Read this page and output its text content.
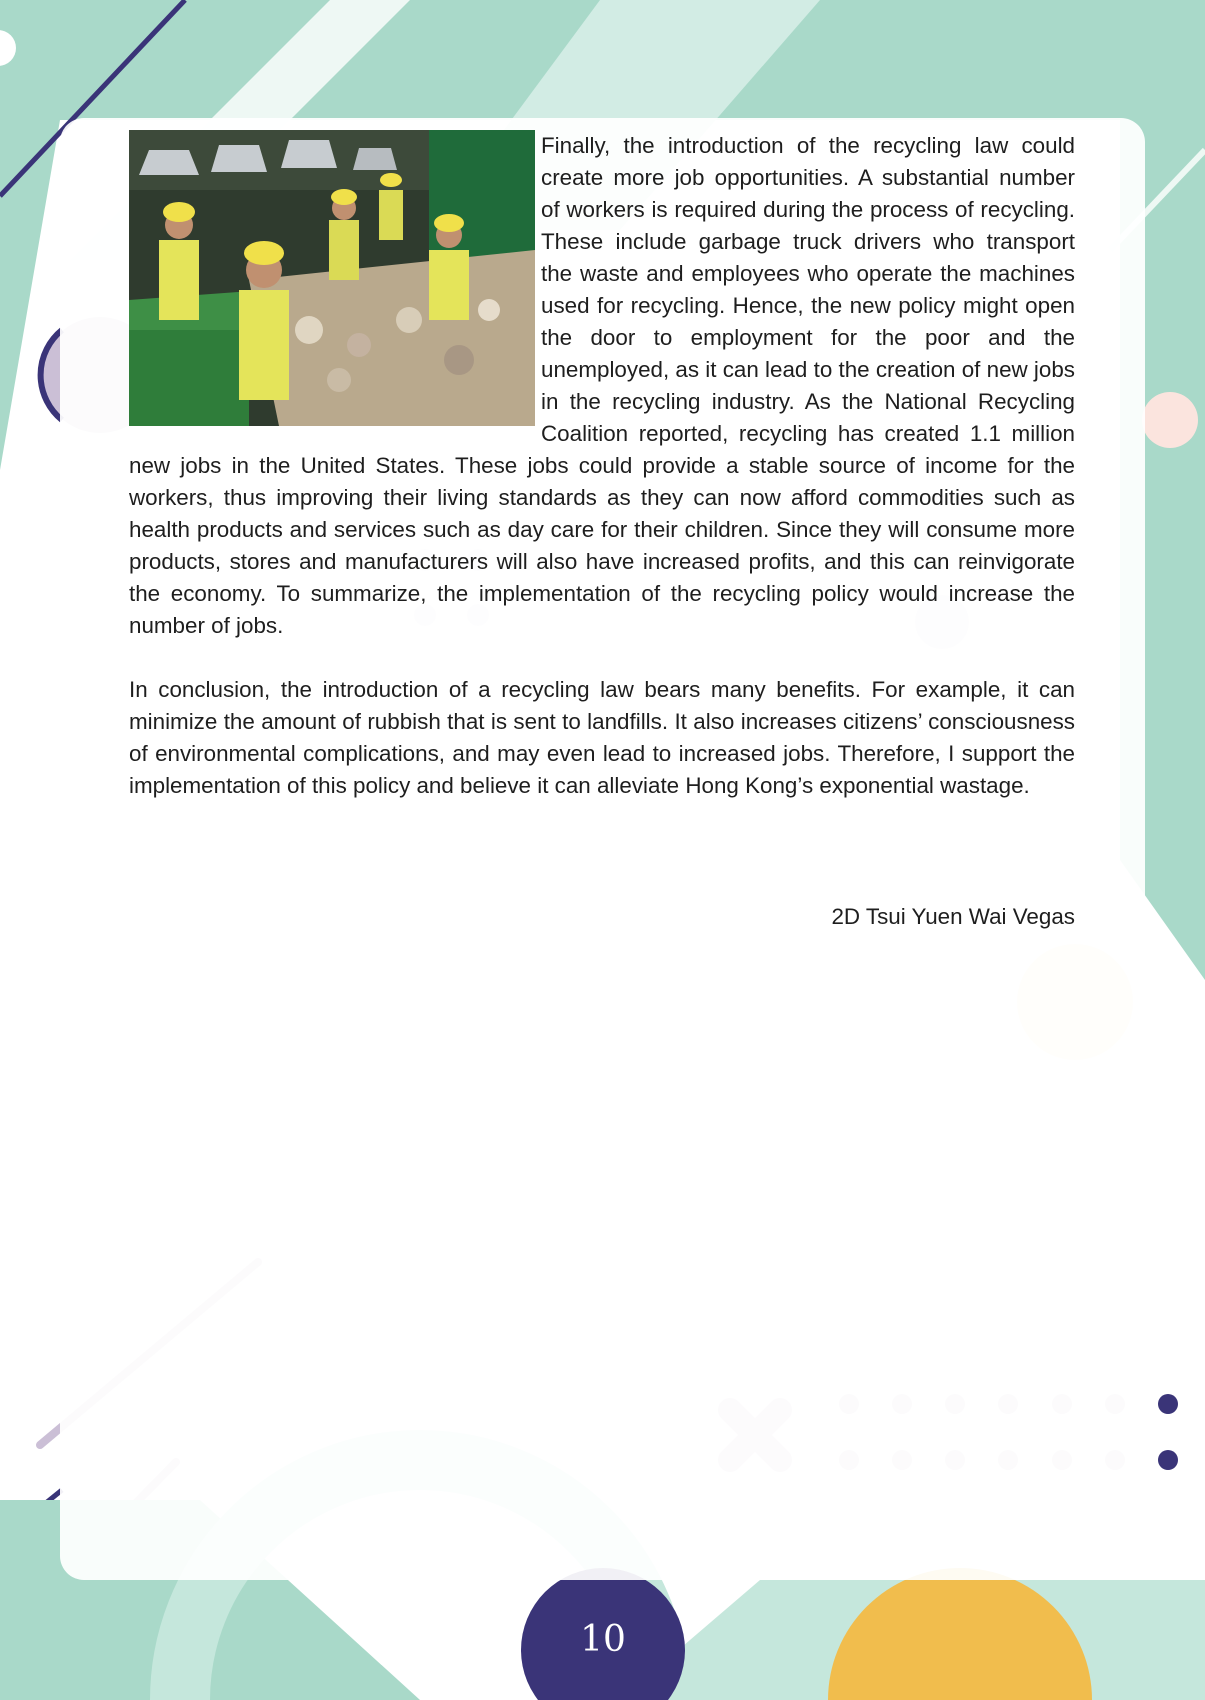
Finally, the introduction of the recycling law could create more job opportunities. A substantial number of workers is required during the process of recycling. These include garbage truck drivers who transport the waste and employees who operate the machines used for recycling. Hence, the new policy might open the door to employment for the poor and the unemployed, as it can lead to the creation of new jobs in the recycling industry. As the National Recycling Coalition reported, recycling has created 1.1 million new jobs in the United States. These jobs could provide a stable source of income for the workers, thus improving their living standards as they can now afford commodities such as health products and services such as day care for their children. Since they will consume more products, stores and manufacturers will also have increased profits, and this can reinvigorate the economy. To summarize, the implementation of the recycling policy would increase the number of jobs.

In conclusion, the introduction of a recycling law bears many benefits. For example, it can minimize the amount of rubbish that is sent to landfills. It also increases citizens’ consciousness of environmental complications, and may even lead to increased jobs. Therefore, I support the implementation of this policy and believe it can alleviate Hong Kong’s exponential wastage.

2D Tsui Yuen Wai Vegas
10
